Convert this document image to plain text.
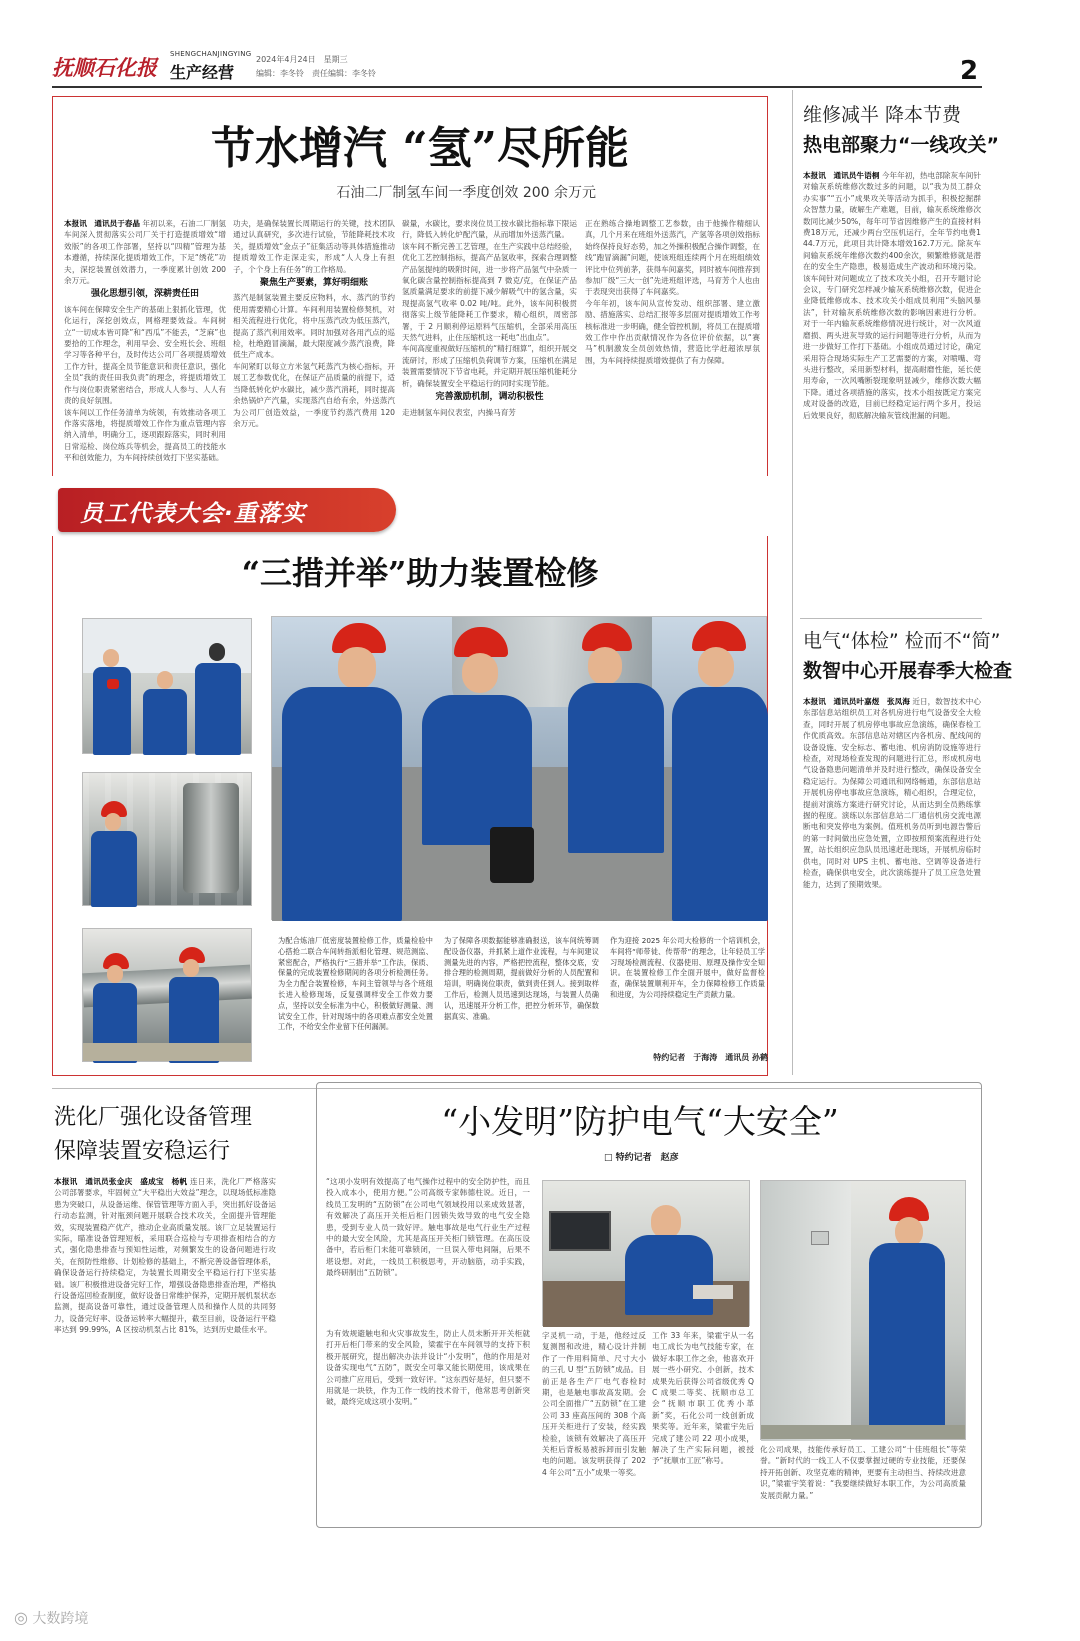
抚顺石化报
SHENGCHANJINGYING
生产经营
2024年4月24日　星期三
编辑：李冬铃　责任编辑：李冬铃	2
节水增汽 “氢”尽所能
石油二厂制氢车间一季度创效 200 余万元
本报讯　通讯员于春晶 年初以来，石油二厂制氢车间深入贯彻落实公司厂关于打造提质增效“增效版”的各项工作部署，坚持以“四精”管理为基本遵循，持续深化提质增效工作，下足“绣花”功夫，深挖装置创效潜力，一季度累计创效 200 余万元。
强化思想引领，深耕责任田
该车间在保障安全生产的基础上狠抓化管理，优化运行，深挖创效点，网格理要效益。车间树立“一切成本皆可降”和“西瓜”不能丢，“芝麻”也要拾的工作理念，利用早会、安全班长会、班组学习等各种平台，及时传达公司厂各项提质增效工作方针，提高全员节能意识和责任意识，强化全员“我的责任田我负责”的理念，将提质增效工作与岗位职责紧密结合，形成人人参与、人人有责的良好氛围。
该车间以工作任务清单为统领，有效推动各项工作落实落地，将提质增效工作作为重点管理内容纳入清单，明确分工，逐项跟踪落实，同时利用日常巡检、岗位练兵等机会，提高员工的技能水平和创效能力，为车间持续创效打下坚实基础。
功夫，是确保装置长周期运行的关键，技术团队通过认真研究，多次进行试验，节能降耗技术攻关，提质增效“金点子”征集活动等具体措施推动提质增效工作走深走实，形成“人人身上有担子，个个身上有任务”的工作格局。
聚焦生产要素，算好明细账
蒸汽是制氢装置主要反应物料，水、蒸汽的节约使用需要精心计算。车间利用装置检修契机，对相关流程进行优化，将中压蒸汽改为低压蒸汽，提高了蒸汽利用效率。同时加强对各用汽点的巡检，杜绝跑冒滴漏，最大限度减少蒸汽浪费，降低生产成本。
车间紧盯以每立方米氢气耗蒸汽为核心指标，开展工艺参数优化，在保证产品质量的前提下，适当降低转化炉水碳比，减少蒸汽消耗，同时提高余热锅炉产汽量，实现蒸汽自给有余，外送蒸汽为公司厂创造效益，一季度节约蒸汽费用 120 余万元。
碳量，水碳比，要求岗位员工按水碳比指标靠下限运行，降低入转化炉配汽量，从而增加外送蒸汽量。
该车间不断完善工艺管理，在生产实践中总结经验，优化工艺控制指标，提高产品氢收率，探索合理调整产品氢提纯的吸附时间，进一步将产品氢气中杂质一氧化碳含量控制指标提高到 7 微克/克，在保证产品氢质量满足要求的前提下减少解吸气中的氢含量，实现提高氢气收率 0.02 吨/吨。此外，该车间积极贯彻落实上级节能降耗工作要求，精心组织，周密部署，于 2 月顺利停运原料气压缩机，全部采用高压天然气进料，止住压缩机这一耗电“出血点”。
车间高度重视做好压缩机的“精打细算”，组织开展交流研讨，形成了压缩机负荷调节方案，压缩机在满足装置需要情况下节省电耗，并定期开展压缩机能耗分析，确保装置安全平稳运行的同时实现节能。
完善激励机制，调动积极性
走进制氢车间仪表室，内操马育芳
正在熟练合操地调整工艺参数，由于他操作精细认真，几个月来在班组外送蒸汽，产氢等各项创效指标始终保持良好态势，加之外操积极配合操作调整，在线“跑冒滴漏”问题，使该班组连续两个月在班组绩效评比中位列前茅，获得车间嘉奖，同时被车间推荐到参加厂级“三大一创”先进班组评选，马育芳个人也由于表现突出获得了车间嘉奖。
今年年初，该车间从宣传发动、组织部署、建立激励、措施落实、总结汇报等多层面对提质增效工作考核标准进一步明确，健全管控机制，将员工在提质增效工作中作出贡献情况作为各位评价依据，以“赛马”机制激发全员创效热情，营造比学赶超浓厚氛围，为车间持续提质增效提供了有力保障。
员工代表大会·重落实
“三措并举”助力装置检修
为配合炼油厂低密度装置检修工作，质量检验中心搭抢二联合车间转指派相化管理、规范测监、紧密配合，严格执行“三措并举”工作法，保质、保量的完成装置检修期间的各项分析检测任务。为全力配合装置检修，车间主管领导与各个班组长进入检修现场，反复强调样安全工作效力要点，坚持以安全标准为中心，积极做好测量、测试安全工作，针对现场中的各项难点都安全处置工作，不给安全作业留下任何漏洞。
为了保障各项数据能够准确报送，该车间统筹调配设备仪器，并抓紧上道作业流程，与车间建议测量先进的内容，严格把控流程，整体交底，安排合理的检测周期，提前做好分析的人员配置和培训，明确岗位职责，做到责任到人。接到取样工作后，检测人员迅速到达现场，与装置人员确认，迅速展开分析工作，把控分析环节，确保数据真实、准确。
作为迎接 2025 年公司大检修的一个培训机会，车间将“师带徒、传帮带”的理念，让年轻员工学习现场检测流程、仪器使用、原理及操作安全知识。在装置检修工作全面开展中，做好监督检查，确保装置顺利开车，全力保障检修工作质量和进度，为公司持续稳定生产贡献力量。
特约记者　于海涛　通讯员 孙鹤
维修减半 降本节费
热电部聚力“一线攻关”
本报讯　通讯员牛语桐 今年年初，热电部除灰车间针对输灰系统维修次数过多的问题，以“我为员工群众办实事”“五小”成果攻关等活动为抓手，积极挖掘群众智慧力量，破解生产难题，目前，输灰系统维修次数同比减少50%，每年可节省因维修产生的直接材料费18万元，还减少两台空压机运行，全年节约电费144.7万元，此项目共计降本增效162.7万元。除灰车间输灰系统年维修次数约400余次，频繁维修就是潜在的安全生产隐患，极易造成生产波动和环境污染。该车间针对问题成立了技术攻关小组，召开专题讨论会议，专门研究怎样减少输灰系统维修次数，促进企业降低维修成本、技术攻关小组成员利用“头脑风暴法”，针对输灰系统维修次数的影响因素进行分析。对于一年内输灰系统维修情况进行统计，对一次风道磨损、两头进灰导致的运行问题等进行分析，从而为进一步做好工作打下基础。小组成员通过讨论，确定采用符合现场实际生产工艺需要的方案，对喷嘴、弯头进行整改，采用新型材料，提高耐磨性能，延长使用寿命，一次风嘴断裂现象明显减少，维修次数大幅下降。通过各项措施的落实，技术小组按既定方案完成对设备的改造，目前已经稳定运行两个多月，投运后效果良好，彻底解决输灰管线泄漏的问题。
电气“体检” 检而不“简”
数智中心开展春季大检查
本报讯　通讯员叶嘉煜　张凤海 近日，数智技术中心东部信息站组织员工对各机房进行电气设备安全大检查，同时开展了机房停电事故应急演练，确保春检工作优质高效。东部信息站对辖区内各机房、配线间的设备设施、安全标志、蓄电池、机房消防设施等进行检查，对现场检查发现的问题进行汇总，形成机房电气设备隐患问题清单并及时进行整改，确保设备安全稳定运行。为保障公司通讯和网络畅通，东部信息站开展机房停电事故应急演练，精心组织，合理定位，提前对演练方案进行研究讨论，从而达到全员熟练掌握的程度。演练以东部信息站二厂通信机房交流电源断电和突发停电为案例。值班机务员听到电源告警后的第一时间做出应急处置，立即按照预案流程进行处置，站长组织应急队员迅速赶赴现场，开展机房临时供电，同时对 UPS 主机、蓄电池、空调等设备进行检查，确保供电安全，此次演练提升了员工应急处置能力，达到了预期效果。
洗化厂强化设备管理
保障装置安稳运行
本报讯　通讯员张金庆　盛成宝　杨帆 连日来，洗化厂严格落实公司部署要求，牢固树立“大平稳出大效益”理念，以现场低标准隐患为突破口，从设备运维、保管管理等方面入手，突出抓好设备运行动态监测，针对瓶颈问题开展联合技术攻关，全面提升管理能效，实现装置稳产优产，推动企业高质量发展。该厂立足装置运行实际，瞄准设备管理短板，采用联合巡检与专项排查相结合的方式，强化隐患排查与预知性运维，对频繁发生的设备问题进行攻关，在预防性维修、计划检修的基础上，不断完善设备管理体系，确保设备运行持续稳定，为装置长周期安全平稳运行打下坚实基础。该厂积极推进设备完好工作，增强设备隐患排查治理，严格执行设备巡回检查制度，做好设备日常维护保养，定期开展机泵状态监测，提高设备可靠性，通过设备管理人员和操作人员的共同努力，设备完好率、设备运转率大幅提升，截至目前，设备运行平稳率达到 99.99%，A 区按动机泵占比 81%，达到历史最佳水平。
“小发明”防护电气“大安全”
□ 特约记者　赵彦
“这项小发明有效提高了电气操作过程中的安全防护性，而且投入成本小，使用方便。”公司高级专家韩德柱说。近日，一线员工发明的“五防锁”在公司电气领域投用以来成效显著，有效解决了高压开关柜后柜门因锁失效导致的电气安全隐患，受到专业人员一致好评。触电事故是电气行业生产过程中的最大安全风险，尤其是高压开关柜门锁管理。在高压设备中，若后柜门未能可靠锁闭，一旦误入带电间隔，后果不堪设想。对此，一线员工积极思考，开动脑筋，动手实践，最终研制出“五防锁”。
为有效规避触电和火灾事故发生，防止人员未断开开关柜就打开后柜门带来的安全风险，梁霍宇在车间领导的支持下积极开展研究，提出解决办法并设计“小发明”，他的作用是对设备实现电气“五防”，既安全可靠又能长期使用，该成果在公司推广应用后，受到一致好评。“这东西好是好，但只要不用就是一块铁，作为工作一线的技术骨干，他常思考创新突破，最终完成这项小发明。”
字灵机一动，于是，他经过反复测图和改进，精心设计并制作了一件用料简单、尺寸大小的三孔 U 型“五防锁”成品。目前正是各生产厂电气春检时期，也是触电事故高发期。会公司全面推广“五防锁”在工建公司 33 座高压间的 308 个高压开关柜进行了安装，经实践检验，该锁有效解决了高压开关柜后背板易被拆卸而引发触电的问题。该发明获得了 2024 年公司“五小”成果一等奖。
工作 33 年来，梁霍宇从一名电工成长为电气技能专家，在做好本职工作之余，他喜欢开展一些小研究、小创新，技术成果先后获得公司省级优秀 QC 成果二等奖、抚顺市总工会“抚顺市职工优秀小革新”奖，石化公司一线创新成果奖等。近年来，梁霍宇先后完成了建公司 22 项小成果，解决了生产实际问题，被授予“抚顺市工匠”称号。
化公司成果，技能传承好员工、工建公司“十佳班组长”等荣誉。“新时代的一线工人不仅要掌握过硬的专业技能，还要保持开拓创新、攻坚克难的精神，更要有主动担当、持续改进意识，”梁霍宇笑着说：“我要继续做好本职工作，为公司高质量发展贡献力量。”
◎ 大数跨境
